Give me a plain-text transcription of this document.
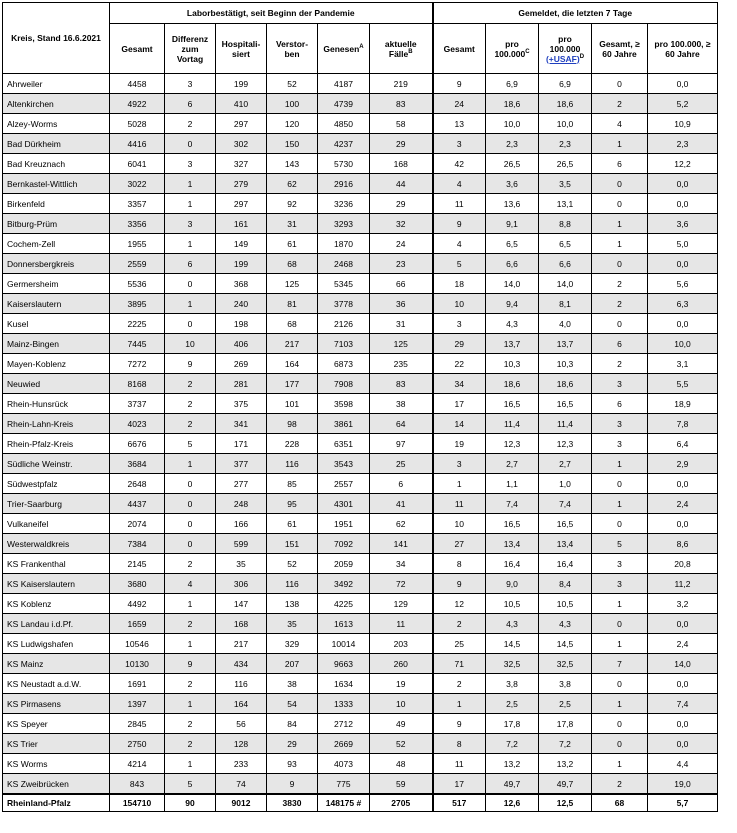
Kreis, Stand 16.6.2021	Laborbestätigt, seit Beginn der Pandemie						Gemeldet, die letzten 7 Tage				
	Gesamt	Differenz zum Vortag	Hospitali-siert	Verstor-ben	Genesen$^A$	aktuelle Fälle$^B$	Gesamt	pro $100.000^C$	pro 100.000
(+USAF)$^D$	Gesamt, ≥ 60 Jahre	pro 100.000, ≥ 60 Jahre
Ahrweiler	4458	3	199	52	4187	219	9	6,9	6,9	0	0,0
Altenkirchen	4922	6	410	100	4739	83	24	18,6	18,6	2	5,2
Alzey-Worms	5028	2	297	120	4850	58	13	10,0	10,0	4	10,9
Bad Dürkheim	4416	0	302	150	4237	29	3	2,3	2,3	1	2,3
Bad Kreuznach	6041	3	327	143	5730	168	42	26,5	26,5	6	12,2
Bernkastel-Wittlich	3022	1	279	62	2916	44	4	3,6	3,5	0	0,0
Birkenfeld	3357	1	297	92	3236	29	11	13,6	13,1	0	0,0
Bitburg-Prüm	3356	3	161	31	3293	32	9	9,1	8,8	1	3,6
Cochem-Zell	1955	1	149	61	1870	24	4	6,5	6,5	1	5,0
Donnersbergkreis	2559	6	199	68	2468	23	5	6,6	6,6	0	0,0
Germersheim	5536	0	368	125	5345	66	18	14,0	14,0	2	5,6
Kaiserslautern	3895	1	240	81	3778	36	10	9,4	8,1	2	6,3
Kusel	2225	0	198	68	2126	31	3	4,3	4,0	0	0,0
Mainz-Bingen	7445	10	406	217	7103	125	29	13,7	13,7	6	10,0
Mayen-Koblenz	7272	9	269	164	6873	235	22	10,3	10,3	2	3,1
Neuwied	8168	2	281	177	7908	83	34	18,6	18,6	3	5,5
Rhein-Hunsrück	3737	2	375	101	3598	38	17	16,5	16,5	6	18,9
Rhein-Lahn-Kreis	4023	2	341	98	3861	64	14	11,4	11,4	3	7,8
Rhein-Pfalz-Kreis	6676	5	171	228	6351	97	19	12,3	12,3	3	6,4
Südliche Weinstr.	3684	1	377	116	3543	25	3	2,7	2,7	1	2,9
Südwestpfalz	2648	0	277	85	2557	6	1	1,1	1,0	0	0,0
Trier-Saarburg	4437	0	248	95	4301	41	11	7,4	7,4	1	2,4
Vulkaneifel	2074	0	166	61	1951	62	10	16,5	16,5	0	0,0
Westerwaldkreis	7384	0	599	151	7092	141	27	13,4	13,4	5	8,6
KS Frankenthal	2145	2	35	52	2059	34	8	16,4	16,4	3	20,8
KS Kaiserslautern	3680	4	306	116	3492	72	9	9,0	8,4	3	11,2
KS Koblenz	4492	1	147	138	4225	129	12	10,5	10,5	1	3,2
KS Landau i.d.Pf.	1659	2	168	35	1613	11	2	4,3	4,3	0	0,0
KS Ludwigshafen	10546	1	217	329	10014	203	25	14,5	14,5	1	2,4
KS Mainz	10130	9	434	207	9663	260	71	32,5	32,5	7	14,0
KS Neustadt a.d.W.	1691	2	116	38	1634	19	2	3,8	3,8	0	0,0
KS Pirmasens	1397	1	164	54	1333	10	1	2,5	2,5	1	7,4
KS Speyer	2845	2	56	84	2712	49	9	17,8	17,8	0	0,0
KS Trier	2750	2	128	29	2669	52	8	7,2	7,2	0	0,0
KS Worms	4214	1	233	93	4073	48	11	13,2	13,2	1	4,4
KS Zweibrücken	843	5	74	9	775	59	17	49,7	49,7	2	19,0
Rheinland-Pfalz	154710	90	9012	3830	148175 #	2705	517	12,6	12,5	68	5,7
